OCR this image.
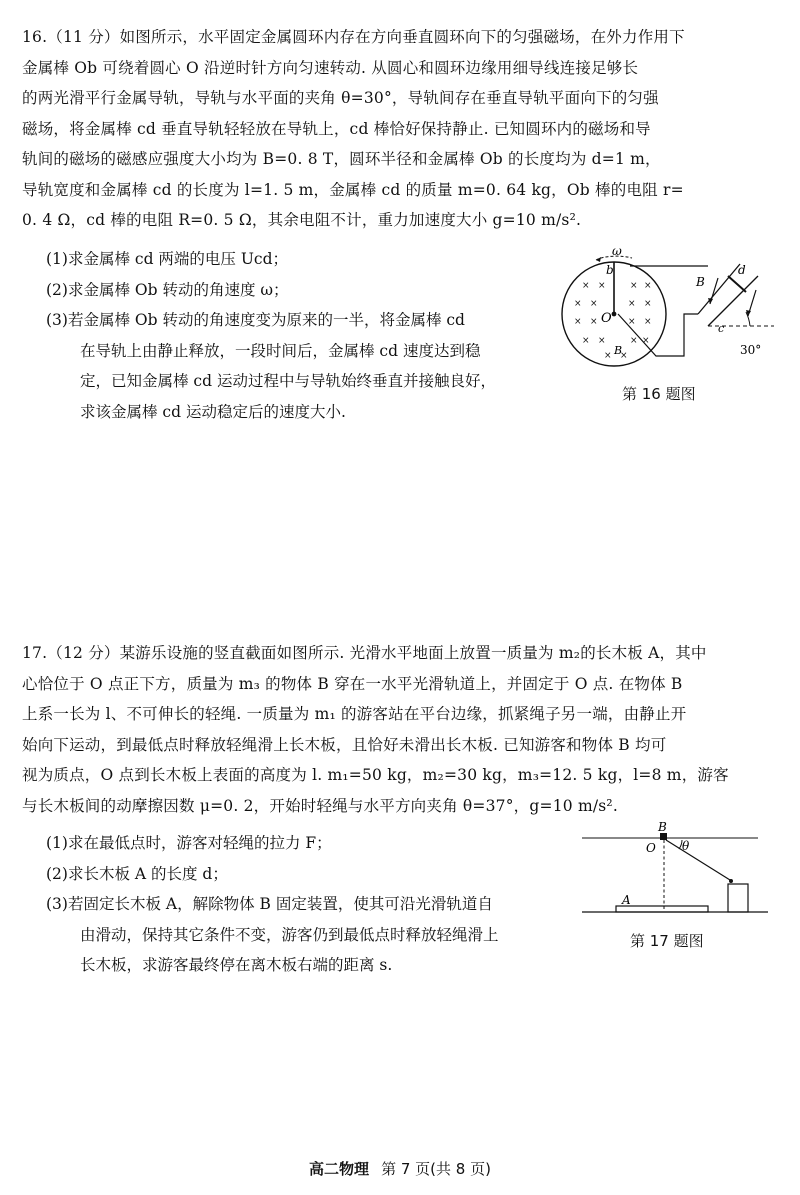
16.（11 分）如图所示，水平固定金属圆环内存在方向垂直圆环向下的匀强磁场，在外力作用下
金属棒 Ob 可绕着圆心 O 沿逆时针方向匀速转动. 从圆心和圆环边缘用细导线连接足够长
的两光滑平行金属导轨，导轨与水平面的夹角 θ=30°，导轨间存在垂直导轨平面向下的匀强
磁场，将金属棒 cd 垂直导轨轻轻放在导轨上，cd 棒恰好保持静止. 已知圆环内的磁场和导
轨间的磁场的磁感应强度大小均为 B=0. 8 T，圆环半径和金属棒 Ob 的长度均为 d=1 m，
导轨宽度和金属棒 cd 的长度为 l=1. 5 m，金属棒 cd 的质量 m=0. 64 kg，Ob 棒的电阻 r=
0. 4 Ω，cd 棒的电阻 R=0. 5 Ω，其余电阻不计，重力加速度大小 g=10 m/s².
(1)求金属棒 cd 两端的电压 Ucd；
(2)求金属棒 Ob 转动的角速度 ω；
(3)若金属棒 Ob 转动的角速度变为原来的一半，将金属棒 cd
在导轨上由静止释放，一段时间后，金属棒 cd 速度达到稳
定，已知金属棒 cd 运动过程中与导轨始终垂直并接触良好，
求该金属棒 cd 运动稳定后的速度大小.
× ×	× ×
× ×	× ×
× ×	× ×
× ×	× ×
× ×
ω
b
O
B	30°
d
c
B
第 16 题图
17.（12 分）某游乐设施的竖直截面如图所示. 光滑水平地面上放置一质量为 m₂的长木板 A，其中
心恰位于 O 点正下方，质量为 m₃ 的物体 B 穿在一水平光滑轨道上，并固定于 O 点. 在物体 B
上系一长为 l、不可伸长的轻绳. 一质量为 m₁ 的游客站在平台边缘，抓紧绳子另一端，由静止开
始向下运动，到最低点时释放轻绳滑上长木板，且恰好未滑出长木板. 已知游客和物体 B 均可
视为质点，O 点到长木板上表面的高度为 l. m₁=50 kg，m₂=30 kg，m₃=12. 5 kg，l=8 m，游客
与长木板间的动摩擦因数 μ=0. 2，开始时轻绳与水平方向夹角 θ=37°，g=10 m/s².
(1)求在最低点时，游客对轻绳的拉力 F；
(2)求长木板 A 的长度 d；
(3)若固定长木板 A，解除物体 B 固定装置，使其可沿光滑轨道自
由滑动，保持其它条件不变，游客仍到最低点时释放轻绳滑上
长木板，求游客最终停在离木板右端的距离 s.
B
O θ
A
第 17 题图
高二物理 第 7 页(共 8 页)
